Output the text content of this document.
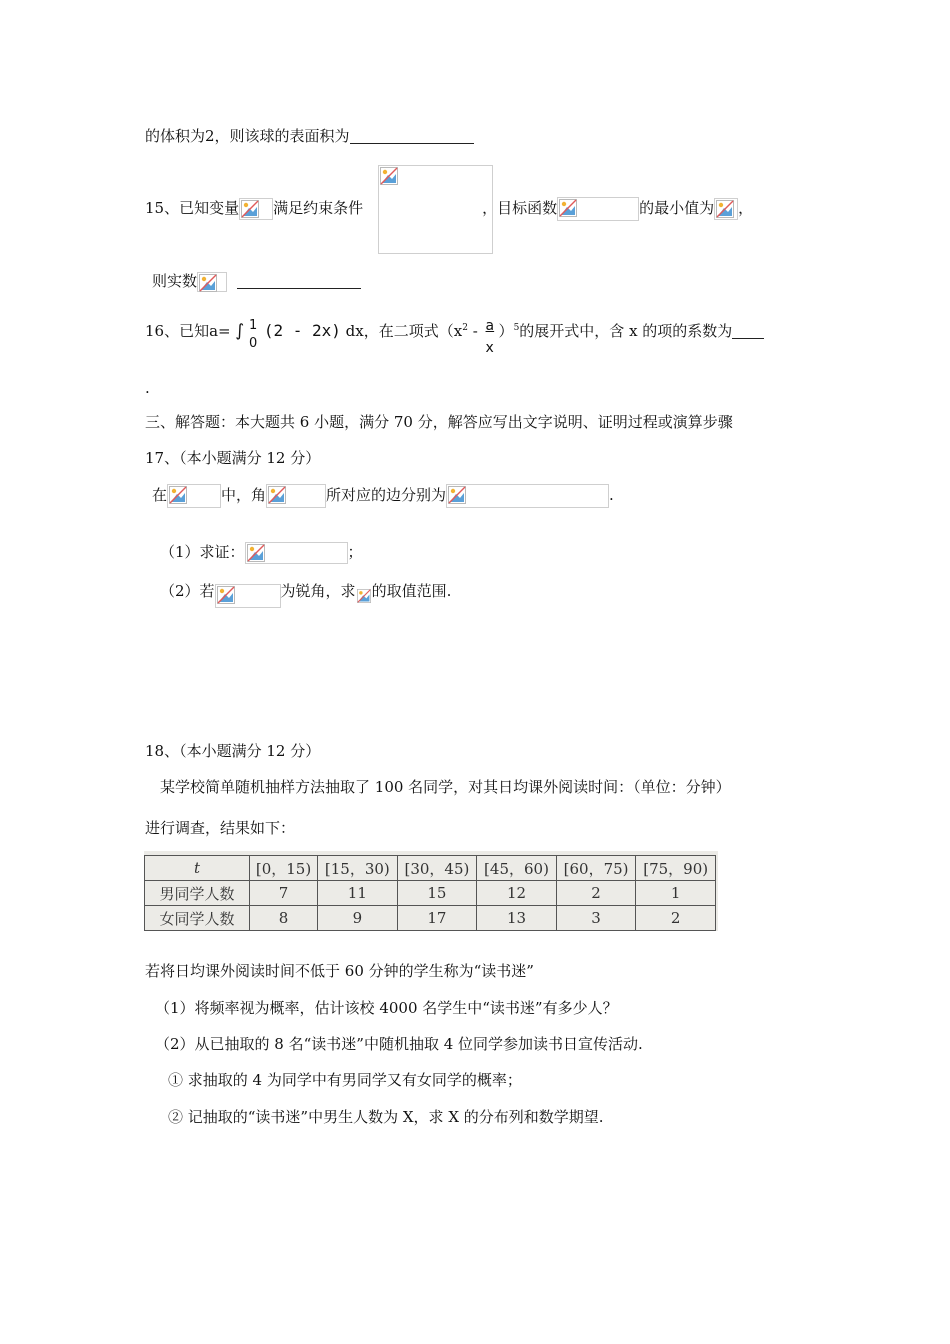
的体积为2，则该球的表面积为
15、已知变量 满足约束条件	，目标函数	的最小值为 ，
则实数
16、已知a= ∫ 1
0
(2 - 2x) dx，在二项式$(x^2 - \frac{a}{x} )^5$的展开式中，含 x 的项的系数为
.
三、解答题：本大题共 6 小题，满分 70 分，解答应写出文字说明、证明过程或演算步骤
17、（本小题满分 12 分）
在	中，角	所对应的边分别为	.
（1）求证：	；
（2）若	为锐角，求 的取值范围.
18、（本小题满分 12 分）
某学校简单随机抽样方法抽取了 100 名同学，对其日均课外阅读时间：（单位：分钟）
进行调查，结果如下：
t	[0，15)	[15，30)	[30，45)	[45，60)	[60，75)	[75，90)
男同学人数	7	11	15	12	2	1
女同学人数	8	9	17	13	3	2
若将日均课外阅读时间不低于 60 分钟的学生称为“读书迷”
（1）将频率视为概率，估计该校 4000 名学生中“读书迷”有多少人？
（2）从已抽取的 8 名“读书迷”中随机抽取 4 位同学参加读书日宣传活动.
① 求抽取的 4 为同学中有男同学又有女同学的概率；
② 记抽取的“读书迷”中男生人数为 X，求 X 的分布列和数学期望.
